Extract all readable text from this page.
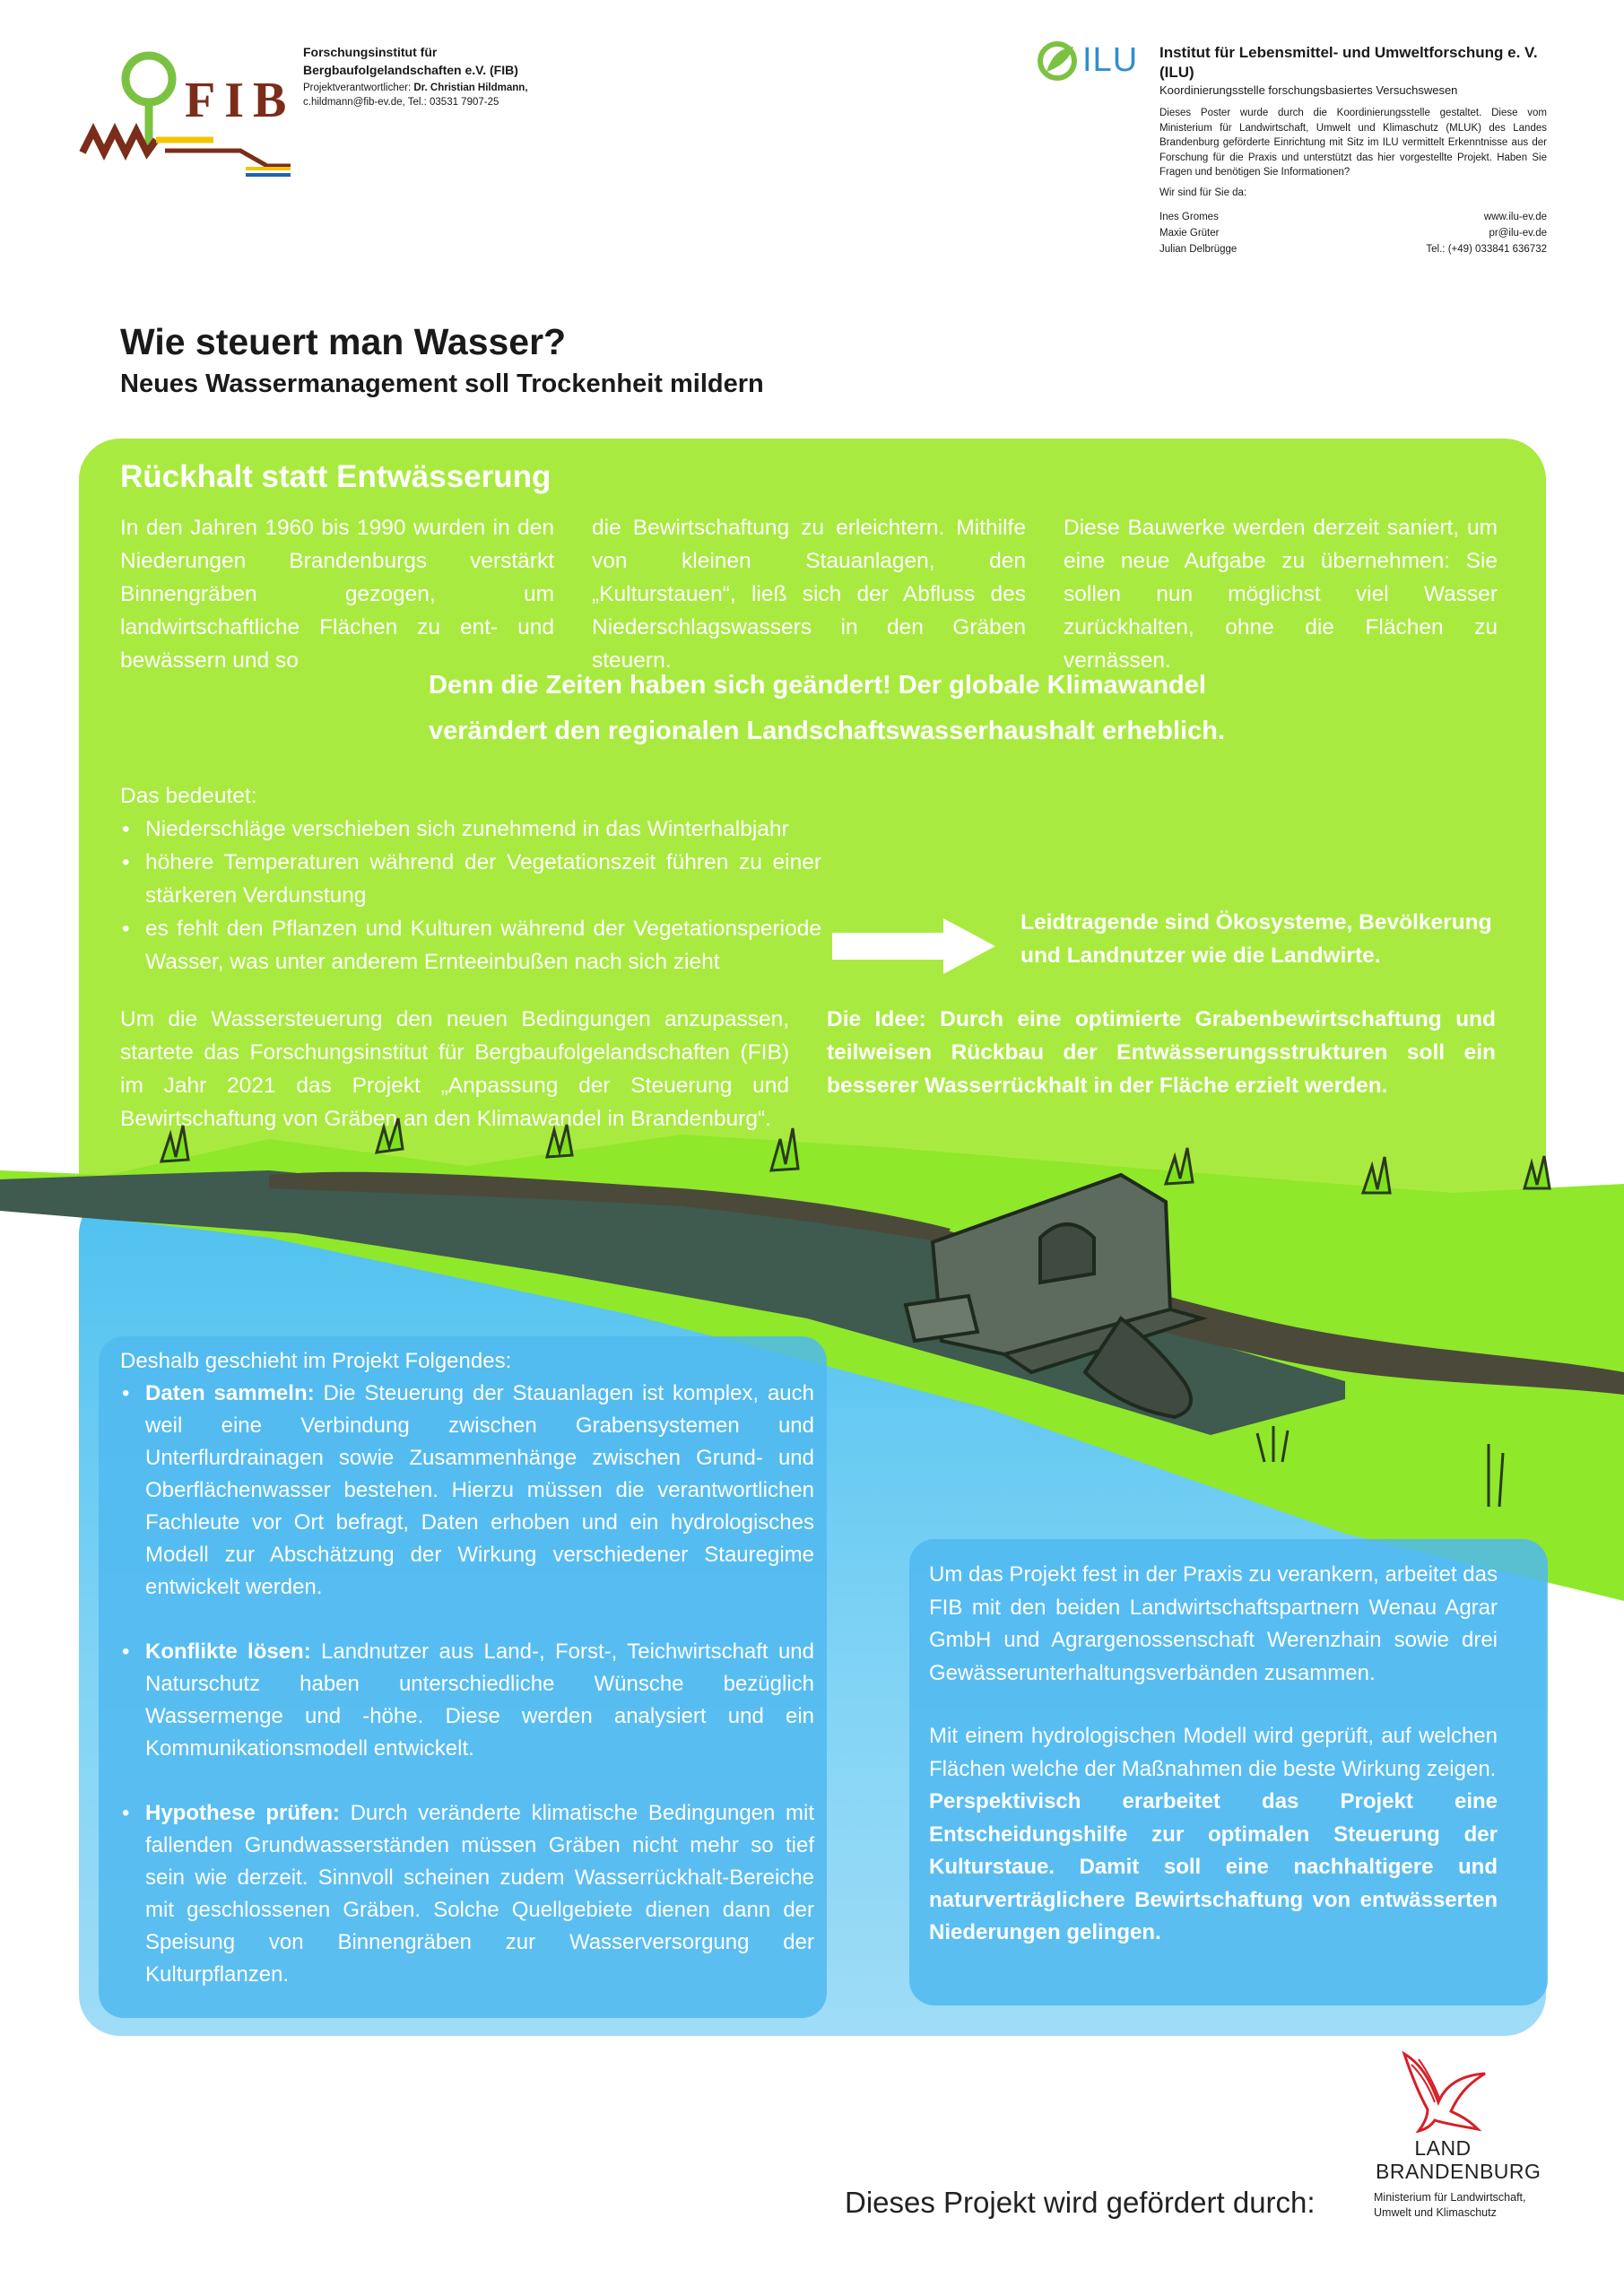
FIB
Forschungsinstitut für
Bergbaufolgelandschaften e.V. (FIB)
Projektverantwortlicher: Dr. Christian Hildmann,
c.hildmann@fib-ev.de, Tel.: 03531 7907-25
ILU Institut für Lebensmittel- und Umweltforschung e. V. (ILU)
Koordinierungsstelle forschungsbasiertes Versuchswesen
Dieses Poster wurde durch die Koordinierungsstelle gestaltet. Diese vom Ministerium für Landwirtschaft, Umwelt und Klimaschutz (MLUK) des Landes Brandenburg geförderte Einrichtung mit Sitz im ILU vermittelt Erkenntnisse aus der Forschung für die Praxis und unterstützt das hier vorgestellte Projekt. Haben Sie Fragen und benötigen Sie Informationen?
Wir sind für Sie da:
Ines Gromes	www.ilu-ev.de
Maxie Grüter	pr@ilu-ev.de
Julian Delbrügge	Tel.: (+49) 033841 636732
Wie steuert man Wasser?
Neues Wassermanagement soll Trockenheit mildern
Rückhalt statt Entwässerung
In den Jahren 1960 bis 1990 wurden in den Niederungen Brandenburgs verstärkt Binnengräben gezogen, um landwirtschaftliche Flächen zu ent- und bewässern und so
die Bewirtschaftung zu erleichtern. Mithilfe von kleinen Stauanlagen, den „Kulturstauen“, ließ sich der Abfluss des Niederschlagswassers in den Gräben steuern.
Diese Bauwerke werden derzeit saniert, um eine neue Aufgabe zu übernehmen: Sie sollen nun möglichst viel Wasser zurückhalten, ohne die Flächen zu vernässen.
Denn die Zeiten haben sich geändert! Der globale Klimawandel
verändert den regionalen Landschaftswasserhaushalt erheblich.
Das bedeutet:
• Niederschläge verschieben sich zunehmend in das Winterhalbjahr
• höhere Temperaturen während der Vegetationszeit führen zu einer stärkeren Verdunstung
• es fehlt den Pflanzen und Kulturen während der Vegetationsperiode Wasser, was unter anderem Ernteeinbußen nach sich zieht
Leidtragende sind Ökosysteme, Bevölkerung und Landnutzer wie die Landwirte.
Um die Wassersteuerung den neuen Bedingungen anzupassen, startete das Forschungsinstitut für Bergbaufolgelandschaften (FIB) im Jahr 2021 das Projekt „Anpassung der Steuerung und Bewirtschaftung von Gräben an den Klimawandel in Brandenburg“.
Die Idee: Durch eine optimierte Grabenbewirtschaftung und teilweisen Rückbau der Entwässerungsstrukturen soll ein besserer Wasserrückhalt in der Fläche erzielt werden.
Deshalb geschieht im Projekt Folgendes:
• Daten sammeln: Die Steuerung der Stauanlagen ist komplex, auch weil eine Verbindung zwischen Grabensystemen und Unterflurdrainagen sowie Zusammenhänge zwischen Grund- und Oberflächenwasser bestehen. Hierzu müssen die verantwortlichen Fachleute vor Ort befragt, Daten erhoben und ein hydrologisches Modell zur Abschätzung der Wirkung verschiedener Stauregime entwickelt werden.
• Konflikte lösen: Landnutzer aus Land-, Forst-, Teichwirtschaft und Naturschutz haben unterschiedliche Wünsche bezüglich Wassermenge und -höhe. Diese werden analysiert und ein Kommunikationsmodell entwickelt.
• Hypothese prüfen: Durch veränderte klimatische Bedingungen mit fallenden Grundwasserständen müssen Gräben nicht mehr so tief sein wie derzeit. Sinnvoll scheinen zudem Wasserrückhalt-Bereiche mit geschlossenen Gräben. Solche Quellgebiete dienen dann der Speisung von Binnengräben zur Wasserversorgung der Kulturpflanzen.
Um das Projekt fest in der Praxis zu verankern, arbeitet das FIB mit den beiden Landwirtschaftspartnern Wenau Agrar GmbH und Agrargenossenschaft Werenzhain sowie drei Gewässerunterhaltungsverbänden zusammen.
Mit einem hydrologischen Modell wird geprüft, auf welchen Flächen welche der Maßnahmen die beste Wirkung zeigen.
Perspektivisch erarbeitet das Projekt eine Entscheidungshilfe zur optimalen Steuerung der Kulturstaue. Damit soll eine nachhaltigere und naturverträglichere Bewirtschaftung von entwässerten Niederungen gelingen.
Dieses Projekt wird gefördert durch:
LAND
BRANDENBURG
Ministerium für Landwirtschaft,
Umwelt und Klimaschutz
